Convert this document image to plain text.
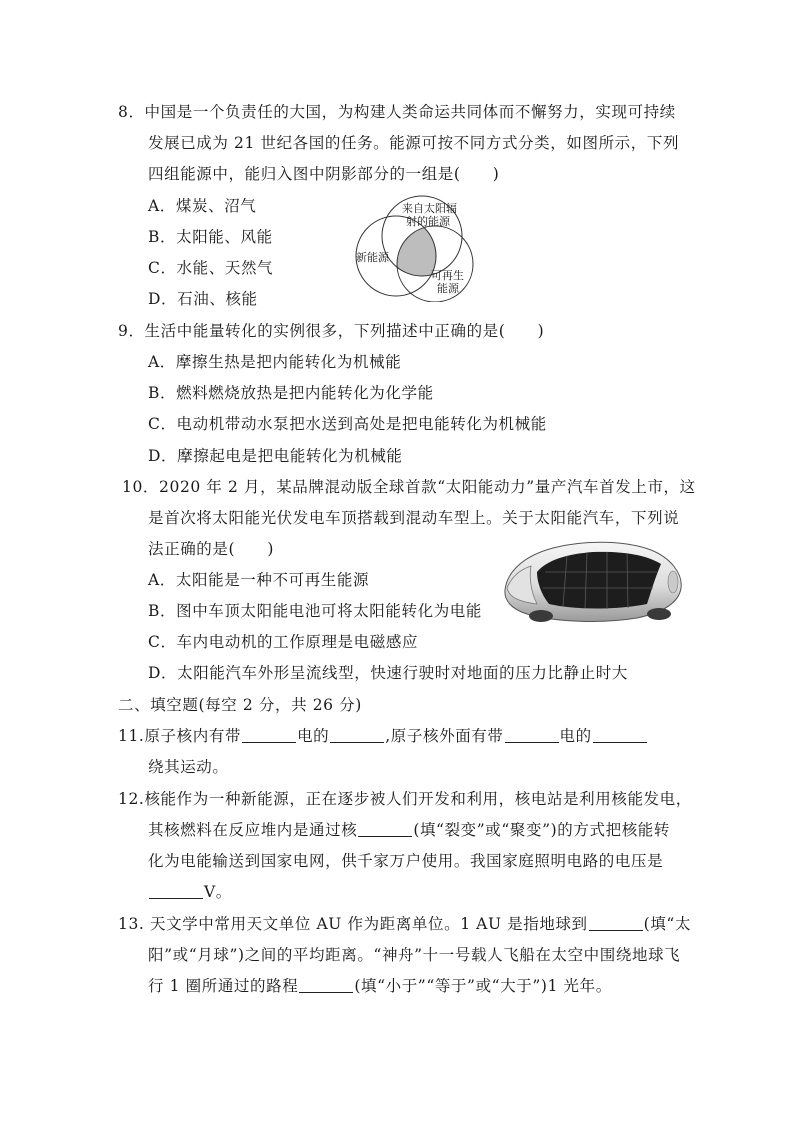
8．中国是一个负责任的大国，为构建人类命运共同体而不懈努力，实现可持续
发展已成为 21 世纪各国的任务。能源可按不同方式分类，如图所示，下列
四组能源中，能归入图中阴影部分的一组是(　　)
A．煤炭、沼气
B．太阳能、风能
C．水能、天然气
D．石油、核能
来自太阳辐
射的能源
新能源
可再生
能源
9．生活中能量转化的实例很多，下列描述中正确的是(　　)
A．摩擦生热是把内能转化为机械能
B．燃料燃烧放热是把内能转化为化学能
C．电动机带动水泵把水送到高处是把电能转化为机械能
D．摩擦起电是把电能转化为机械能
10．2020 年 2 月，某品牌混动版全球首款“太阳能动力”量产汽车首发上市，这
是首次将太阳能光伏发电车顶搭载到混动车型上。关于太阳能汽车，下列说
法正确的是(　　)
A．太阳能是一种不可再生能源
B．图中车顶太阳能电池可将太阳能转化为电能
C．车内电动机的工作原理是电磁感应
D．太阳能汽车外形呈流线型，快速行驶时对地面的压力比静止时大
二、填空题(每空 2 分，共 26 分)
11.原子核内有带	电的	,原子核外面有带	电的
绕其运动。
12.核能作为一种新能源，正在逐步被人们开发和利用，核电站是利用核能发电，
其核燃料在反应堆内是通过核	(填“裂变”或“聚变”)的方式把核能转
化为电能输送到国家电网，供千家万户使用。我国家庭照明电路的电压是
V。
13. 天文学中常用天文单位 AU 作为距离单位。1 AU 是指地球到	(填“太
阳”或“月球”)之间的平均距离。“神舟”十一号载人飞船在太空中围绕地球飞
行 1 圈所通过的路程	(填“小于”“等于”或“大于”)1 光年。
